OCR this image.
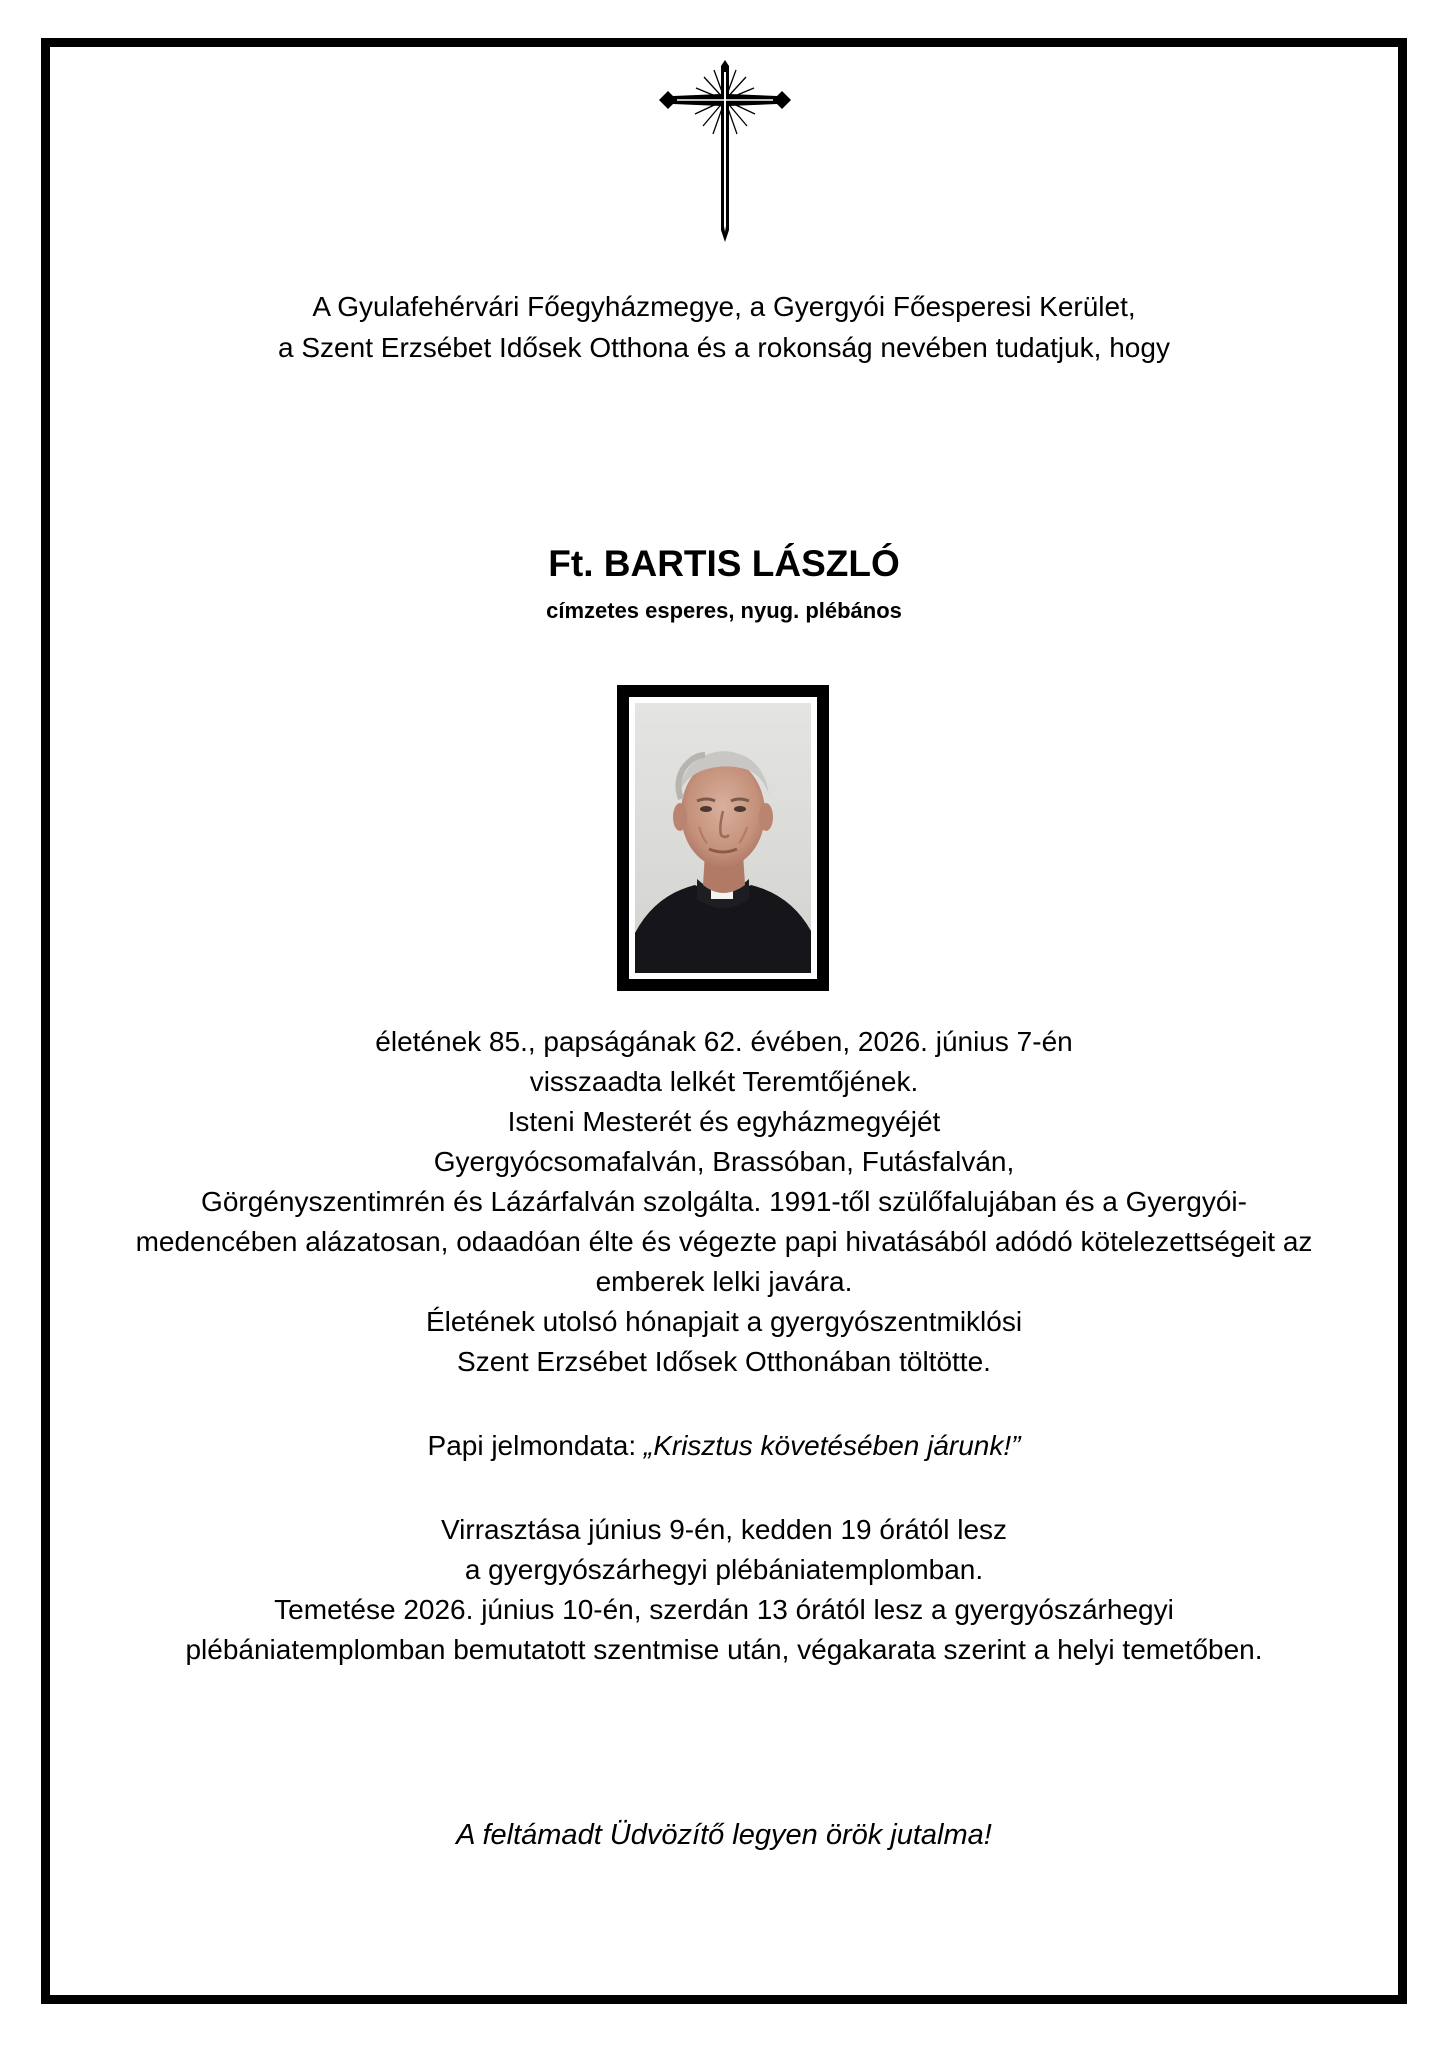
A Gyulafehérvári Főegyházmegye, a Gyergyói Főesperesi Kerület,
a Szent Erzsébet Idősek Otthona és a rokonság nevében tudatjuk, hogy
Ft. BARTIS LÁSZLÓ
címzetes esperes, nyug. plébános
életének 85., papságának 62. évében, 2026. június 7-én
visszaadta lelkét Teremtőjének.
Isteni Mesterét és egyházmegyéjét
Gyergyócsomafalván, Brassóban, Futásfalván,
Görgényszentimrén és Lázárfalván szolgálta. 1991-től szülőfalujában és a Gyergyói-
medencében alázatosan, odaadóan élte és végezte papi hivatásából adódó kötelezettségeit az
emberek lelki javára.
Életének utolsó hónapjait a gyergyószentmiklósi
Szent Erzsébet Idősek Otthonában töltötte.
Papi jelmondata: „Krisztus követésében járunk!”
Virrasztása június 9-én, kedden 19 órától lesz
a gyergyószárhegyi plébániatemplomban.
Temetése 2026. június 10-én, szerdán 13 órától lesz a gyergyószárhegyi
plébániatemplomban bemutatott szentmise után, végakarata szerint a helyi temetőben.
A feltámadt Üdvözítő legyen örök jutalma!
